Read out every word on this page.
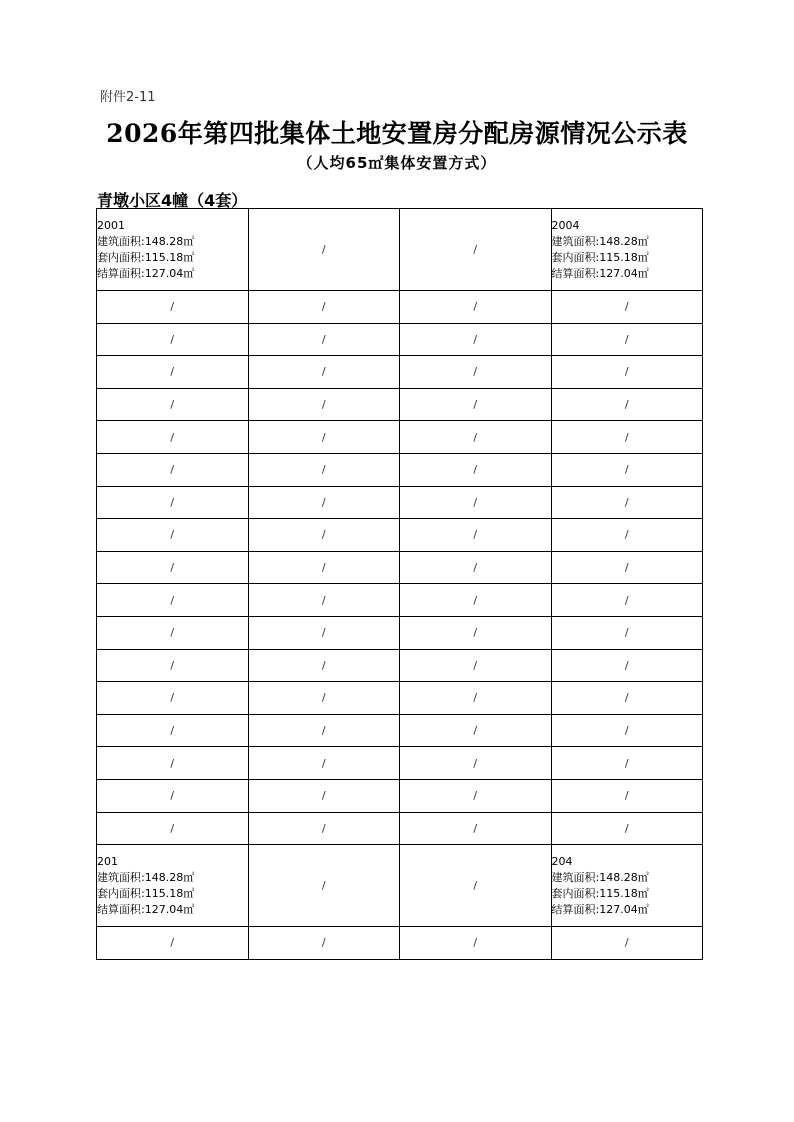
附件2-11
2026年第四批集体土地安置房分配房源情况公示表
（人均65㎡集体安置方式）
青墩小区4幢（4套）
2001
建筑面积:148.28㎡
套内面积:115.18㎡
结算面积:127.04㎡	/	/	2004
建筑面积:148.28㎡
套内面积:115.18㎡
结算面积:127.04㎡

/	/	/	/
/	/	/	/
/	/	/	/
/	/	/	/
/	/	/	/
/	/	/	/
/	/	/	/
/	/	/	/
/	/	/	/
/	/	/	/
/	/	/	/
/	/	/	/
/	/	/	/
/	/	/	/
/	/	/	/
/	/	/	/
/	/	/	/

201
建筑面积:148.28㎡
套内面积:115.18㎡
结算面积:127.04㎡	/	/	204
建筑面积:148.28㎡
套内面积:115.18㎡
结算面积:127.04㎡

/	/	/	/
